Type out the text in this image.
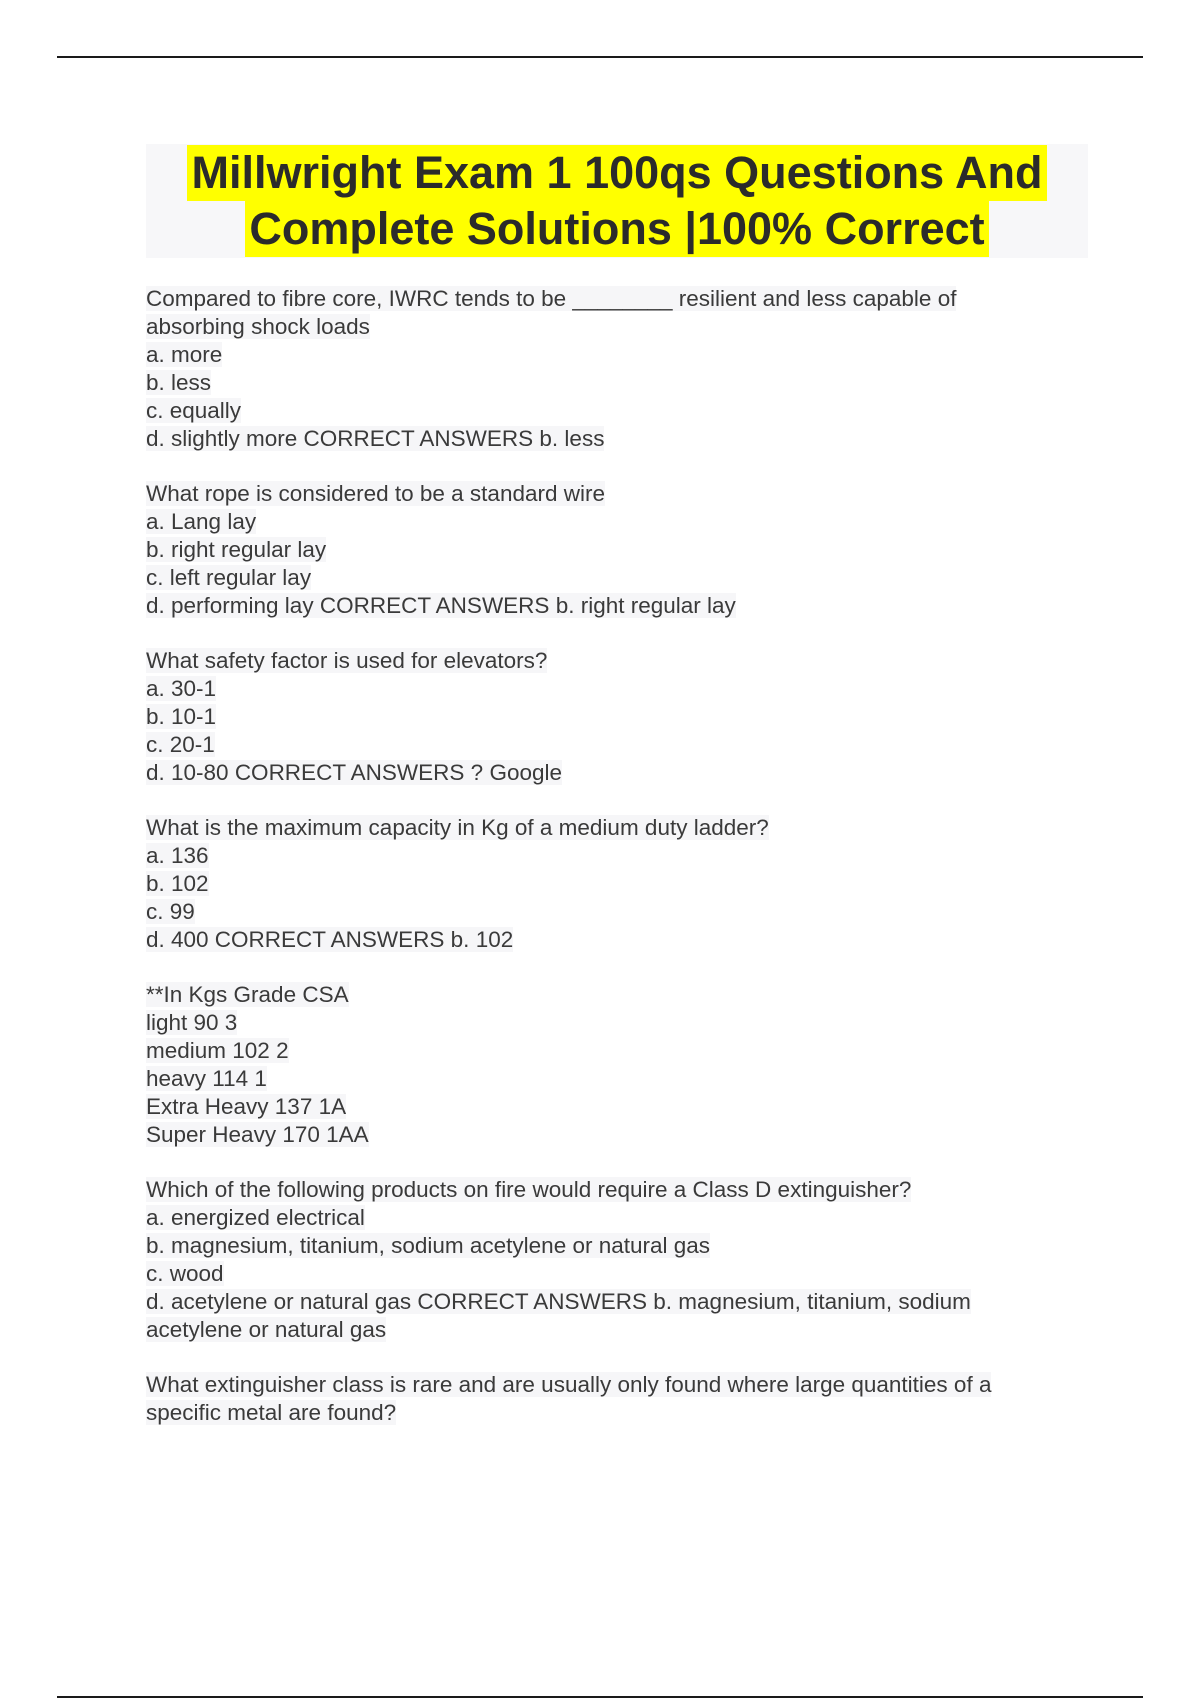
Millwright Exam 1 100qs Questions And
Complete Solutions |100% Correct
Compared to fibre core, IWRC tends to be ________ resilient and less capable of
absorbing shock loads
a. more
b. less
c. equally
d. slightly more CORRECT ANSWERS b. less
What rope is considered to be a standard wire
a. Lang lay
b. right regular lay
c. left regular lay
d. performing lay CORRECT ANSWERS b. right regular lay
What safety factor is used for elevators?
a. 30-1
b. 10-1
c. 20-1
d. 10-80 CORRECT ANSWERS ? Google
What is the maximum capacity in Kg of a medium duty ladder?
a. 136
b. 102
c. 99
d. 400 CORRECT ANSWERS b. 102
**In Kgs Grade CSA
light 90 3
medium 102 2
heavy 114 1
Extra Heavy 137 1A
Super Heavy 170 1AA
Which of the following products on fire would require a Class D extinguisher?
a. energized electrical
b. magnesium, titanium, sodium acetylene or natural gas
c. wood
d. acetylene or natural gas CORRECT ANSWERS b. magnesium, titanium, sodium
acetylene or natural gas
What extinguisher class is rare and are usually only found where large quantities of a
specific metal are found?
